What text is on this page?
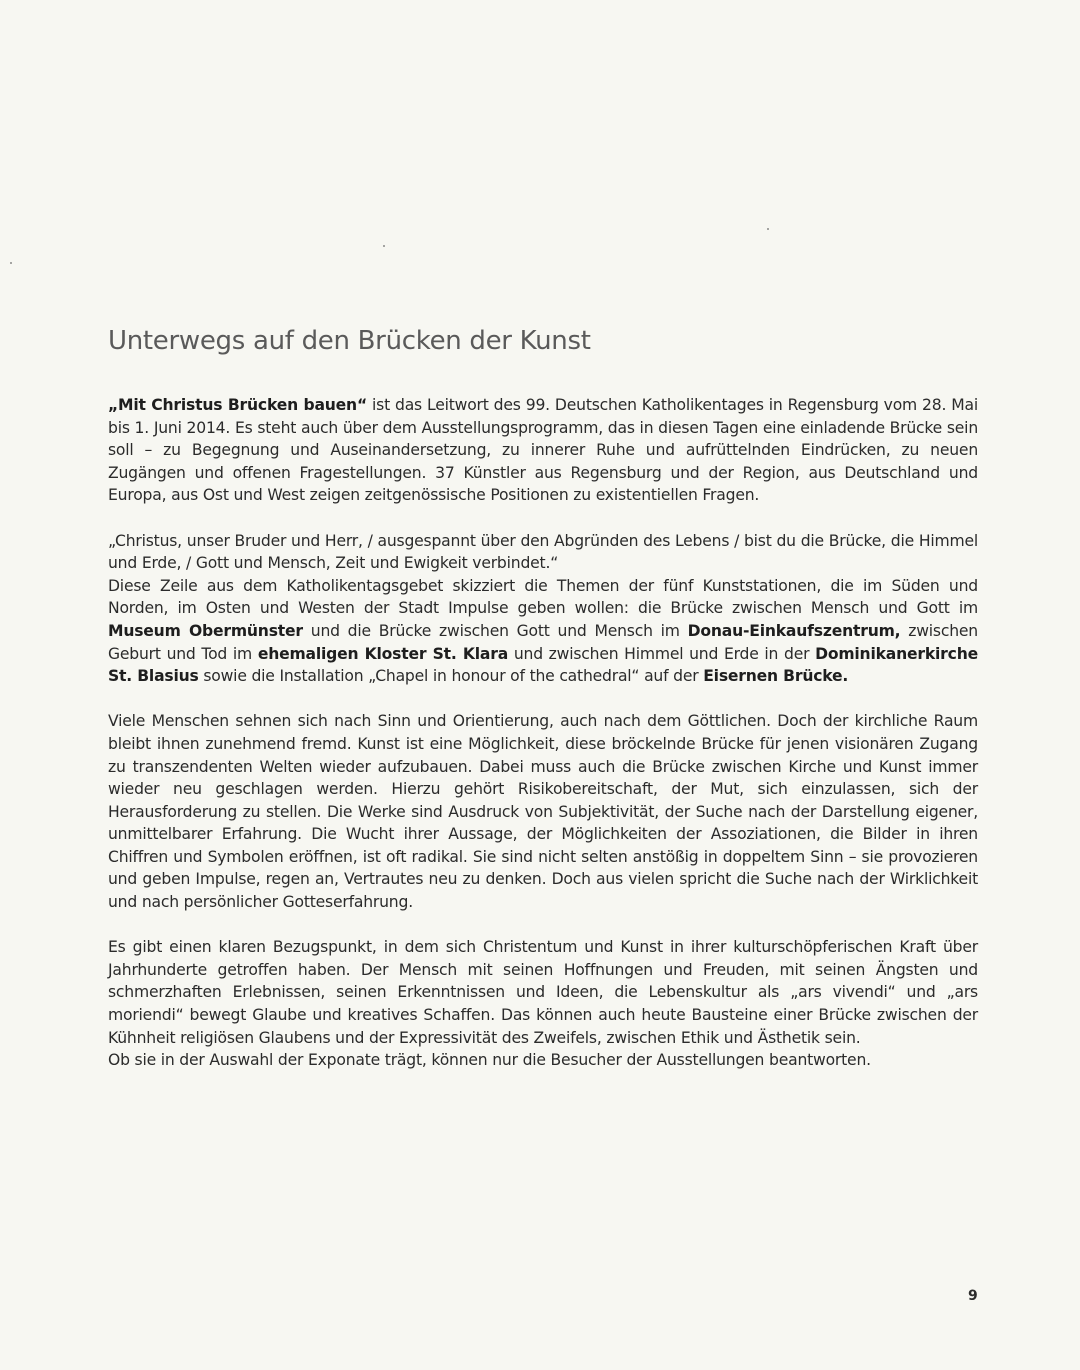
Unterwegs auf den Brücken der Kunst

„Mit Christus Brücken bauen“ ist das Leitwort des 99. Deutschen Katholikentages in Regensburg vom 28. Mai bis 1. Juni 2014. Es steht auch über dem Ausstellungsprogramm, das in diesen Tagen eine einladende Brücke sein soll – zu Begegnung und Auseinandersetzung, zu innerer Ruhe und aufrüttelnden Eindrücken, zu neuen Zugängen und offenen Fragestellungen. 37 Künstler aus Regensburg und der Region, aus Deutschland und Europa, aus Ost und West zeigen zeitgenössische Positionen zu existentiellen Fragen.

„Christus, unser Bruder und Herr, / ausgespannt über den Abgründen des Lebens / bist du die Brücke, die Himmel und Erde, / Gott und Mensch, Zeit und Ewigkeit verbindet.“

Diese Zeile aus dem Katholikentagsgebet skizziert die Themen der fünf Kunststationen, die im Süden und Norden, im Osten und Westen der Stadt Impulse geben wollen: die Brücke zwischen Mensch und Gott im Museum Obermünster und die Brücke zwischen Gott und Mensch im Donau-Einkaufszentrum, zwischen Geburt und Tod im ehemaligen Kloster St. Klara und zwischen Himmel und Erde in der Dominikanerkirche St. Blasius sowie die Installation „Chapel in honour of the cathedral“ auf der Eisernen Brücke.

Viele Menschen sehnen sich nach Sinn und Orientierung, auch nach dem Göttlichen. Doch der kirchliche Raum bleibt ihnen zunehmend fremd. Kunst ist eine Möglichkeit, diese bröckelnde Brücke für jenen visionären Zugang zu transzendenten Welten wieder aufzubauen. Dabei muss auch die Brücke zwischen Kirche und Kunst immer wieder neu geschlagen werden. Hierzu gehört Risikobereitschaft, der Mut, sich einzulassen, sich der Herausforderung zu stellen. Die Werke sind Ausdruck von Subjektivität, der Suche nach der Darstellung eigener, unmittelbarer Erfahrung. Die Wucht ihrer Aussage, der Möglichkeiten der Assoziationen, die Bilder in ihren Chiffren und Symbolen eröffnen, ist oft radikal. Sie sind nicht selten anstößig in doppeltem Sinn – sie provozieren und geben Impulse, regen an, Vertrautes neu zu denken. Doch aus vielen spricht die Suche nach der Wirklichkeit und nach persönlicher Gotteserfahrung.

Es gibt einen klaren Bezugspunkt, in dem sich Christentum und Kunst in ihrer kulturschöpferischen Kraft über Jahrhunderte getroffen haben. Der Mensch mit seinen Hoffnungen und Freuden, mit seinen Ängsten und schmerzhaften Erlebnissen, seinen Erkenntnissen und Ideen, die Lebenskultur als „ars vivendi“ und „ars moriendi“ bewegt Glaube und kreatives Schaffen. Das können auch heute Bausteine einer Brücke zwischen der Kühnheit religiösen Glaubens und der Expressivität des Zweifels, zwischen Ethik und Ästhetik sein.

Ob sie in der Auswahl der Exponate trägt, können nur die Besucher der Ausstellungen beantworten.

9
